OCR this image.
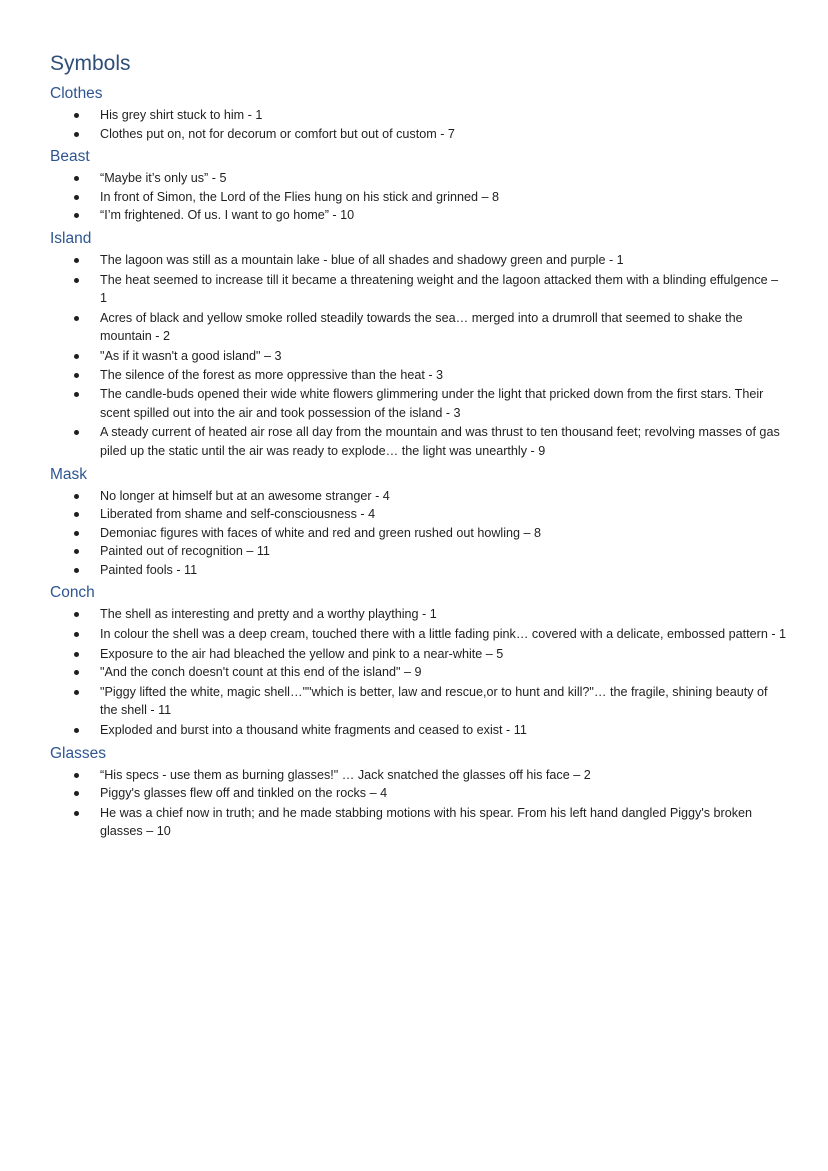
Symbols
Clothes
His grey shirt stuck to him - 1
Clothes put on, not for decorum or comfort but out of custom - 7
Beast
“Maybe it’s only us” - 5
In front of Simon, the Lord of the Flies hung on his stick and grinned – 8
“I’m frightened. Of us. I want to go home” - 10
Island
The lagoon was still as a mountain lake - blue of all shades and shadowy green and purple - 1
The heat seemed to increase till it became a threatening weight and the lagoon attacked them with a blinding effulgence – 1
Acres of black and yellow smoke rolled steadily towards the sea… merged into a drumroll that seemed to shake the mountain - 2
"As if it wasn't a good island" – 3
The silence of the forest as more oppressive than the heat - 3
The candle-buds opened their wide white flowers glimmering under the light that pricked down from the first stars. Their scent spilled out into the air and took possession of the island - 3
A steady current of heated air rose all day from the mountain and was thrust to ten thousand feet; revolving masses of gas piled up the static until the air was ready to explode… the light was unearthly - 9
Mask
No longer at himself but at an awesome stranger - 4
Liberated from shame and self-consciousness - 4
Demoniac figures with faces of white and red and green rushed out howling – 8
Painted out of recognition – 11
Painted fools - 11
Conch
The shell as interesting and pretty and a worthy plaything - 1
In colour the shell was a deep cream, touched there with a little fading pink… covered with a delicate, embossed pattern - 1
Exposure to the air had bleached the yellow and pink to a near-white – 5
"And the conch doesn't count at this end of the island" – 9
"Piggy lifted the white, magic shell…""which is better, law and rescue,or to hunt and kill?"… the fragile, shining beauty of the shell - 11
Exploded and burst into a thousand white fragments and ceased to exist - 11
Glasses
“His specs - use them as burning glasses!" … Jack snatched the glasses off his face – 2
Piggy's glasses flew off and tinkled on the rocks – 4
He was a chief now in truth; and he made stabbing motions with his spear. From his left hand dangled Piggy's broken glasses – 10
